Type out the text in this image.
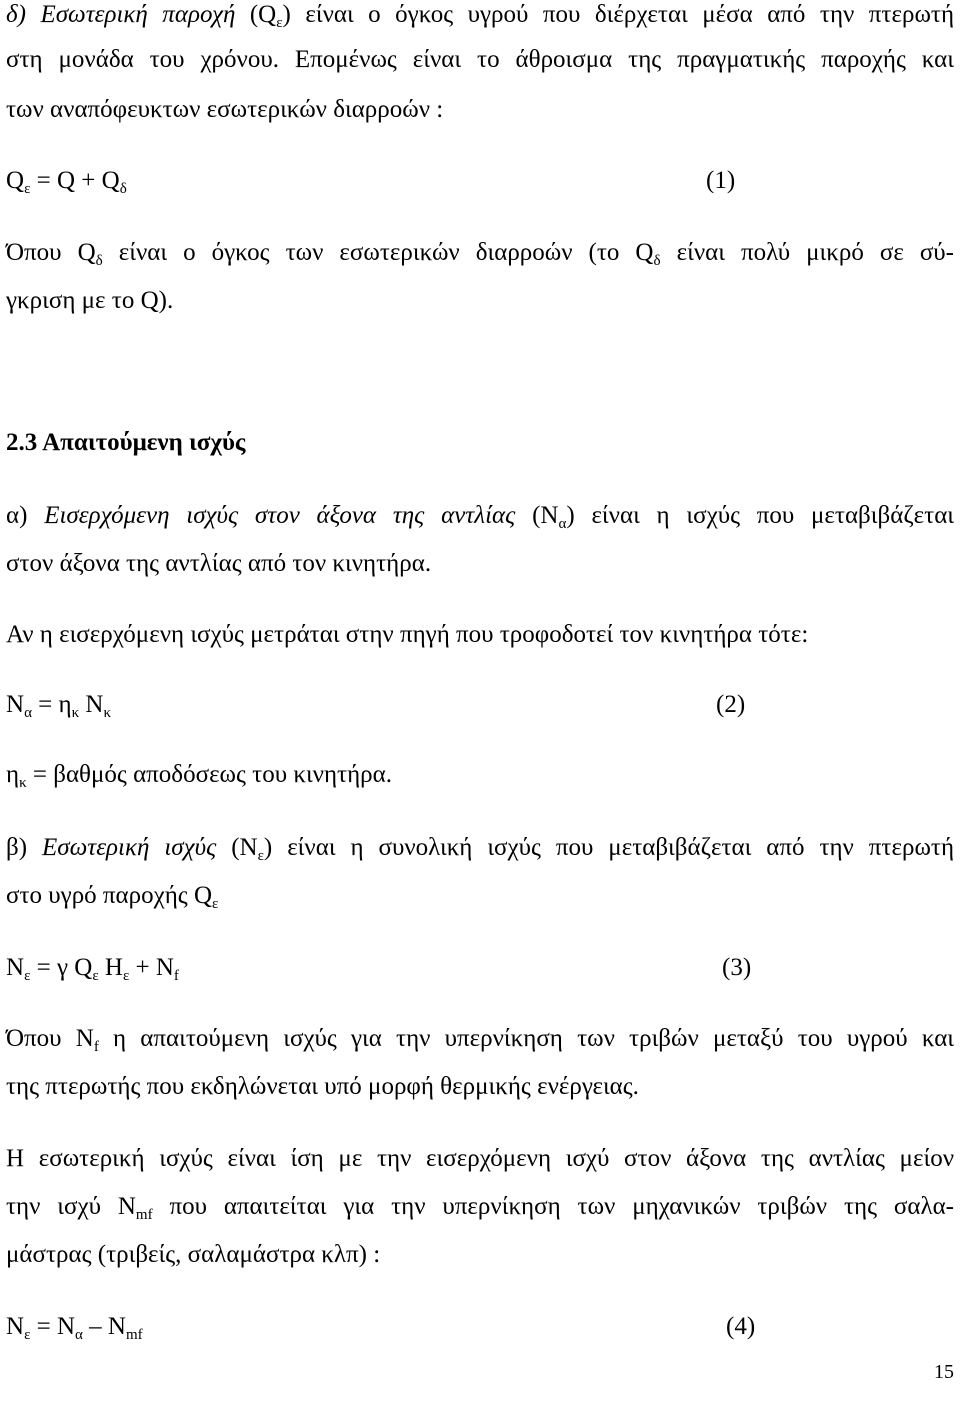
δ) Εσωτερική παροχή $(Q_\varepsilon)$ είναι ο όγκος υγρού που διέρχεται μέσα από την πτερωτή
στη μονάδα του χρόνου. Επομένως είναι το άθροισμα της πραγματικής παροχής και
των αναπόφευκτων εσωτερικών διαρροών :
$Q_\varepsilon = Q + Q_\delta$	(1)
Όπου $Q_\delta$ είναι ο όγκος των εσωτερικών διαρροών (το $Q_\delta$ είναι πολύ μικρό σε σύ-
γκριση με το Q).
2.3 Απαιτούμενη ισχύς
α) Εισερχόμενη ισχύς στον άξονα της αντλίας $(N_\alpha)$ είναι η ισχύς που μεταβιβάζεται
στον άξονα της αντλίας από τον κινητήρα.
Αν η εισερχόμενη ισχύς μετράται στην πηγή που τροφοδοτεί τον κινητήρα τότε:
$N_\alpha = \eta_\kappa$ $N_\kappa$	(2)
$\eta_\kappa = \beta\alpha\theta\mu ό\varsigma$ αποδόσεως του κινητήρα.
β) Εσωτερική ισχύς $(N_\varepsilon)$ είναι η συνολική ισχύς που μεταβιβάζεται από την πτερωτή
στο υγρό παροχής $Q_\varepsilon$
$N_\varepsilon = \gamma$ $Q_\varepsilon$ $H_\varepsilon + N_f$	(3)
Όπου $N_f$ η απαιτούμενη ισχύς για την υπερνίκηση των τριβών μεταξύ του υγρού και
της πτερωτής που εκδηλώνεται υπό μορφή θερμικής ενέργειας.
Η εσωτερική ισχύς είναι ίση με την εισερχόμενη ισχύ στον άξονα της αντλίας μείον
την ισχύ $N_{mf}$ που απαιτείται για την υπερνίκηση των μηχανικών τριβών της σαλα-
μάστρας (τριβείς, σαλαμάστρα κλπ) :
$N_\varepsilon = N_\alpha - N_{mf}$	(4)
15
